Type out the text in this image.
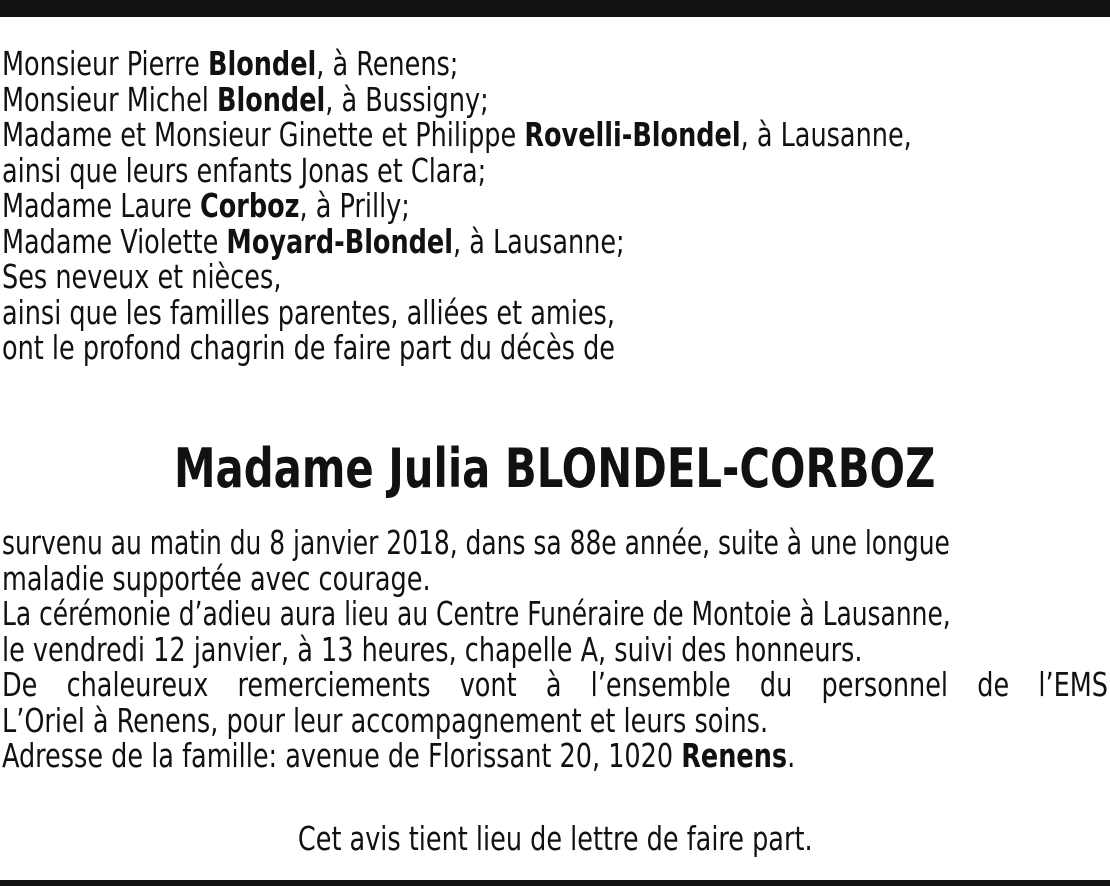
Monsieur Pierre Blondel, à Renens;
Monsieur Michel Blondel, à Bussigny;
Madame et Monsieur Ginette et Philippe Rovelli-Blondel, à Lausanne,
ainsi que leurs enfants Jonas et Clara;
Madame Laure Corboz, à Prilly;
Madame Violette Moyard-Blondel, à Lausanne;
Ses neveux et nièces,
ainsi que les familles parentes, alliées et amies,
ont le profond chagrin de faire part du décès de
Madame Julia BLONDEL-CORBOZ
survenu au matin du 8 janvier 2018, dans sa 88e année, suite à une longue
maladie supportée avec courage.
La cérémonie d’adieu aura lieu au Centre Funéraire de Montoie à Lausanne,
le vendredi 12 janvier, à 13 heures, chapelle A, suivi des honneurs.
De chaleureux remerciements vont à l’ensemble du personnel de l’EMS
L’Oriel à Renens, pour leur accompagnement et leurs soins.
Adresse de la famille: avenue de Florissant 20, 1020 Renens.
Cet avis tient lieu de lettre de faire part.
